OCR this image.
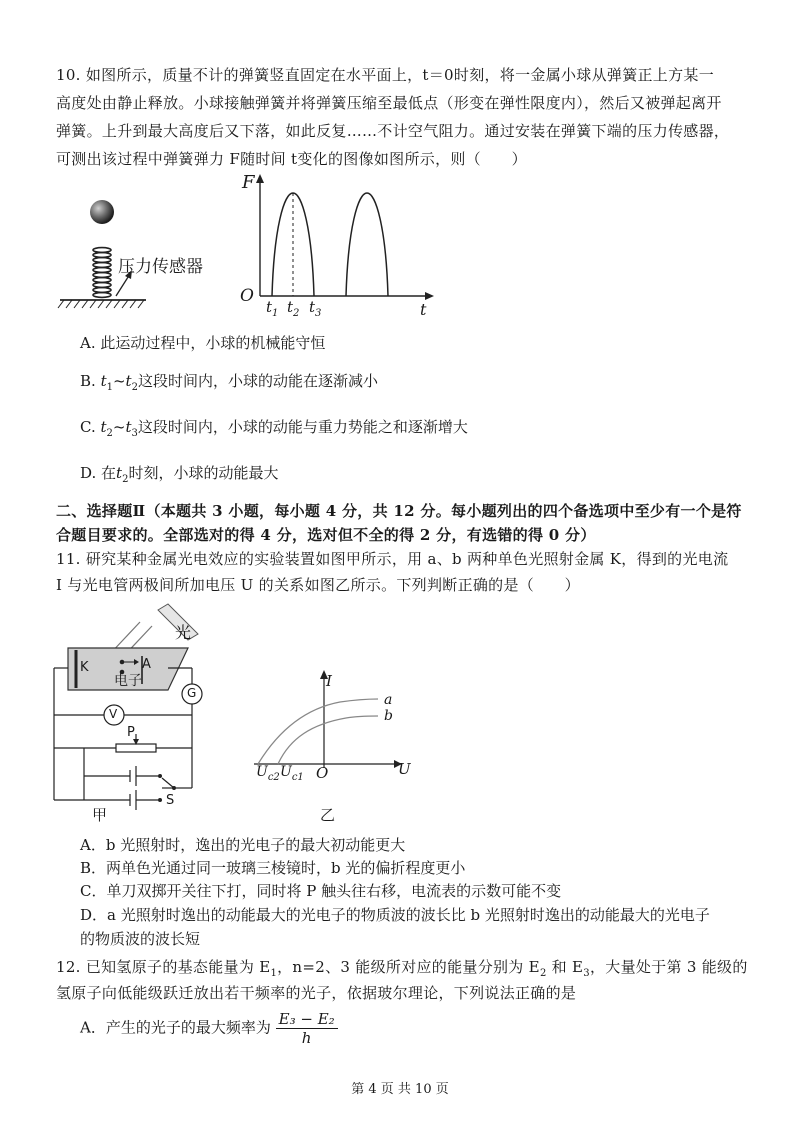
10. 如图所示，质量不计的弹簧竖直固定在水平面上，t＝0时刻，将一金属小球从弹簧正上方某一
高度处由静止释放。小球接触弹簧并将弹簧压缩至最低点（形变在弹性限度内），然后又被弹起离开
弹簧。上升到最大高度后又下落，如此反复……不计空气阻力。通过安装在弹簧下端的压力传感器，
可测出该过程中弹簧弹力 F随时间 t变化的图像如图所示，则（　　）
压力传感器
F
O
t
$t_1$ $t_2$ $t_3$
A. 此运动过程中，小球的机械能守恒
B. $t_1\sim t_2$这段时间内，小球的动能在逐渐减小
C. $t_2\sim t_3$这段时间内，小球的动能与重力势能之和逐渐增大
D. 在$t_2$时刻，小球的动能最大
二、选择题Ⅱ（本题共 3 小题，每小题 4 分，共 12 分。每小题列出的四个备选项中至少有一个是符
合题目要求的。全部选对的得 4 分，选对但不全的得 2 分，有选错的得 0 分）
11. 研究某种金属光电效应的实验装置如图甲所示，用 a、b 两种单色光照射金属 K，得到的光电流
I 与光电管两极间所加电压 U 的关系如图乙所示。下列判断正确的是（　　）
光
K	A
电子
G
V
P
S
甲
I
a
b
U
O
$U_{c2}$ $U_{c1}$
乙
A．b 光照射时，逸出的光电子的最大初动能更大
B．两单色光通过同一玻璃三棱镜时，b 光的偏折程度更小
C．单刀双掷开关往下打，同时将 P 触头往右移，电流表的示数可能不变
D．a 光照射时逸出的动能最大的光电子的物质波的波长比 b 光照射时逸出的动能最大的光电子
的物质波的波长短
12. 已知氢原子的基态能量为 $E_1$，n=2、3 能级所对应的能量分别为 $E_2$ 和 $E_3$，大量处于第 3 能级的
氢原子向低能级跃迁放出若干频率的光子，依据玻尔理论，下列说法正确的是
A．产生的光子的最大频率为 $\frac{\text{E₃ − E₂}}{h}$
第 4 页 共 10 页
